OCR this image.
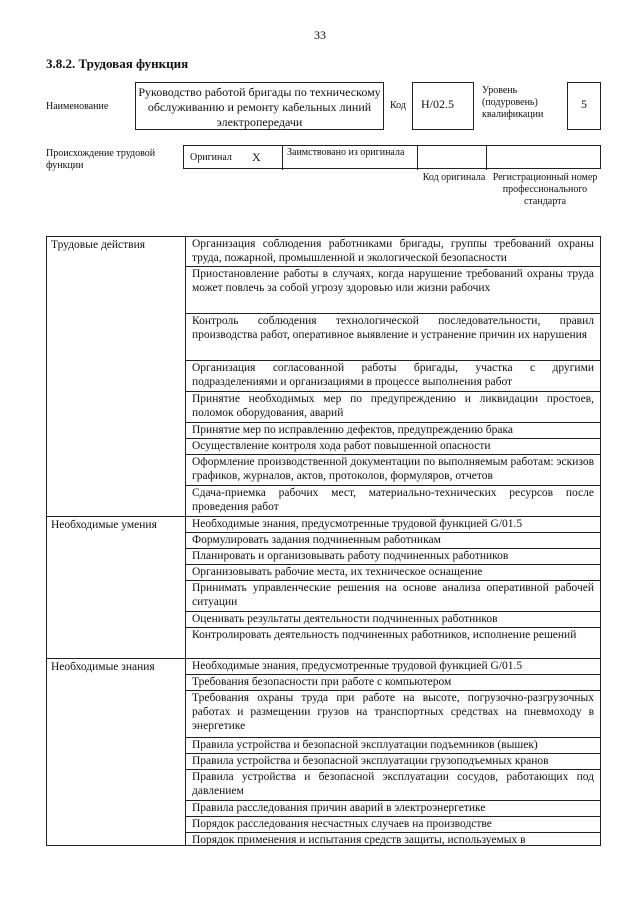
33
3.8.2. Трудовая функция
Наименование
Руководство работой бригады по техническому обслуживанию и ремонту кабельных линий электропередачи
Код	H/02.5
Уровень (подуровень) квалификации
5
Происхождение трудовой функции
Оригинал X	Заимствовано из оригинала
Код оригинала Регистрационный номер профессионального стандарта
Трудовые действия	Организация соблюдения работниками бригады, группы требований охраны труда, пожарной, промышленной и экологической безопасности
Приостановление работы в случаях, когда нарушение требований охраны труда может повлечь за собой угрозу здоровью или жизни рабочих
Контроль соблюдения технологической последовательности, правил производства работ, оперативное выявление и устранение причин их нарушения
Организация согласованной работы бригады, участка с другими подразделениями и организациями в процессе выполнения работ
Принятие необходимых мер по предупреждению и ликвидации простоев, поломок оборудования, аварий
Принятие мер по исправлению дефектов, предупреждению брака
Осуществление контроля хода работ повышенной опасности
Оформление производственной документации по выполняемым работам: эскизов графиков, журналов, актов, протоколов, формуляров, отчетов
Сдача-приемка рабочих мест, материально-технических ресурсов после проведения работ
Необходимые умения	Необходимые знания, предусмотренные трудовой функцией G/01.5
Формулировать задания подчиненным работникам
Планировать и организовывать работу подчиненных работников
Организовывать рабочие места, их техническое оснащение
Принимать управленческие решения на основе анализа оперативной рабочей ситуации
Оценивать результаты деятельности подчиненных работников
Контролировать деятельность подчиненных работников, исполнение решений
Необходимые знания	Необходимые знания, предусмотренные трудовой функцией G/01.5
Требования безопасности при работе с компьютером
Требования охраны труда при работе на высоте, погрузочно-разгрузочных работах и размещении грузов на транспортных средствах на пневмоходу в энергетике
Правила устройства и безопасной эксплуатации подъемников (вышек)
Правила устройства и безопасной эксплуатации грузоподъемных кранов
Правила устройства и безопасной эксплуатации сосудов, работающих под давлением
Правила расследования причин аварий в электроэнергетике
Порядок расследования несчастных случаев на производстве
Порядок применения и испытания средств защиты, используемых в
